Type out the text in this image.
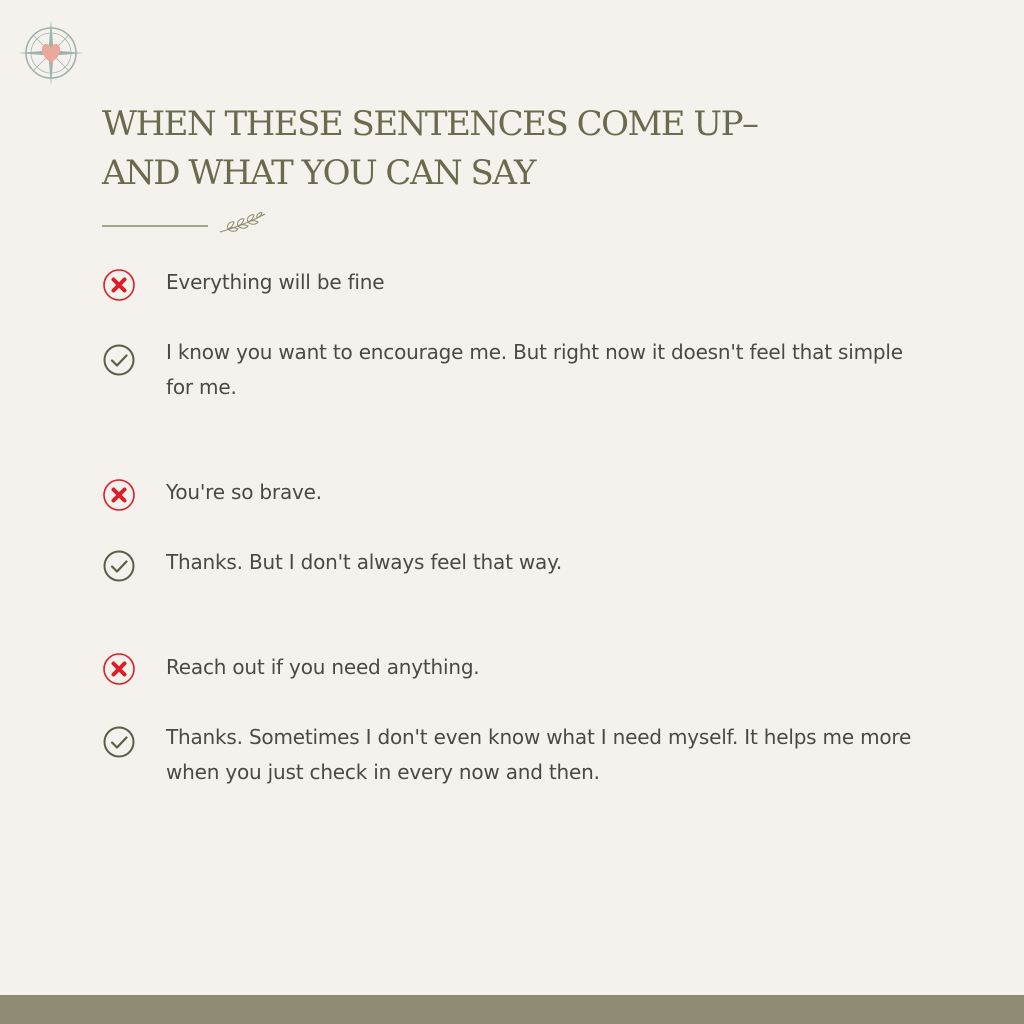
WHEN THESE SENTENCES COME UP–
AND WHAT YOU CAN SAY
Everything will be fine
I know you want to encourage me. But right now it doesn't feel that simple for me.
You're so brave.
Thanks. But I don't always feel that way.
Reach out if you need anything.
Thanks. Sometimes I don't even know what I need myself. It helps me more when you just check in every now and then.
